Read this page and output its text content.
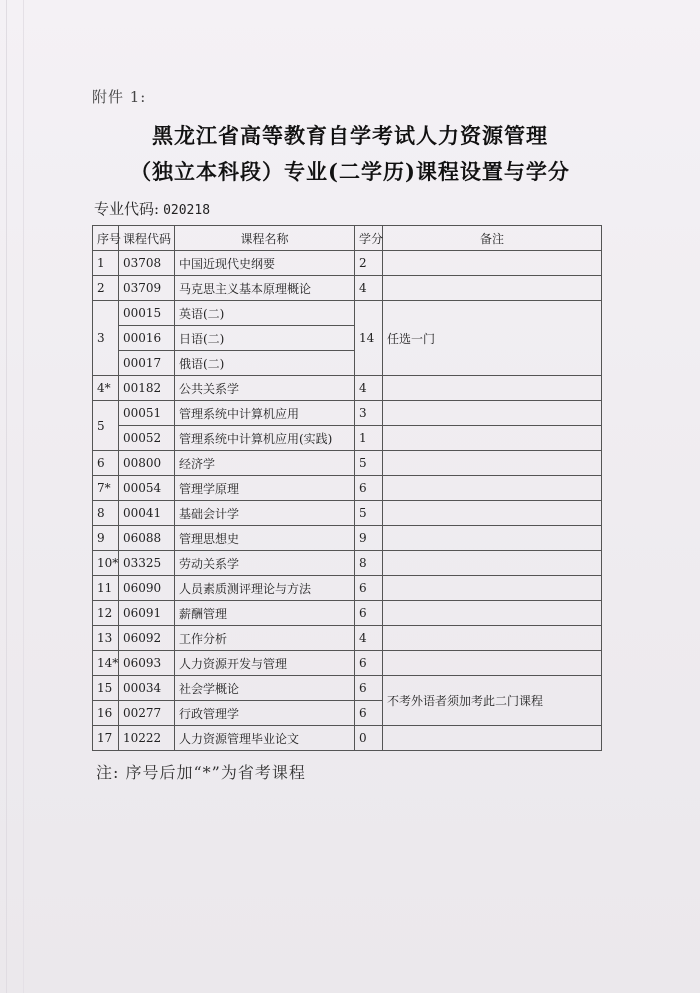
附件 1:
黑龙江省高等教育自学考试人力资源管理
（独立本科段）专业(二学历)课程设置与学分
专业代码: 020218
序号	课程代码	课程名称	学分	备注
1	03708	中国近现代史纲要	2	
2	03709	马克思主义基本原理概论	4	
3	00015	英语(二)	14	任选一门
	00016	日语(二)		
	00017	俄语(二)		
4*	00182	公共关系学	4	
5	00051	管理系统中计算机应用	3	
	00052	管理系统中计算机应用(实践)	1	
6	00800	经济学	5	
7*	00054	管理学原理	6	
8	00041	基础会计学	5	
9	06088	管理思想史	9	
10*	03325	劳动关系学	8	
11	06090	人员素质测评理论与方法	6	
12	06091	薪酬管理	6	
13	06092	工作分析	4	
14*	06093	人力资源开发与管理	6	
15	00034	社会学概论	6	不考外语者须加考此二门课程
16	00277	行政管理学	6	
17	10222	人力资源管理毕业论文	0	
注: 序号后加“*”为省考课程
